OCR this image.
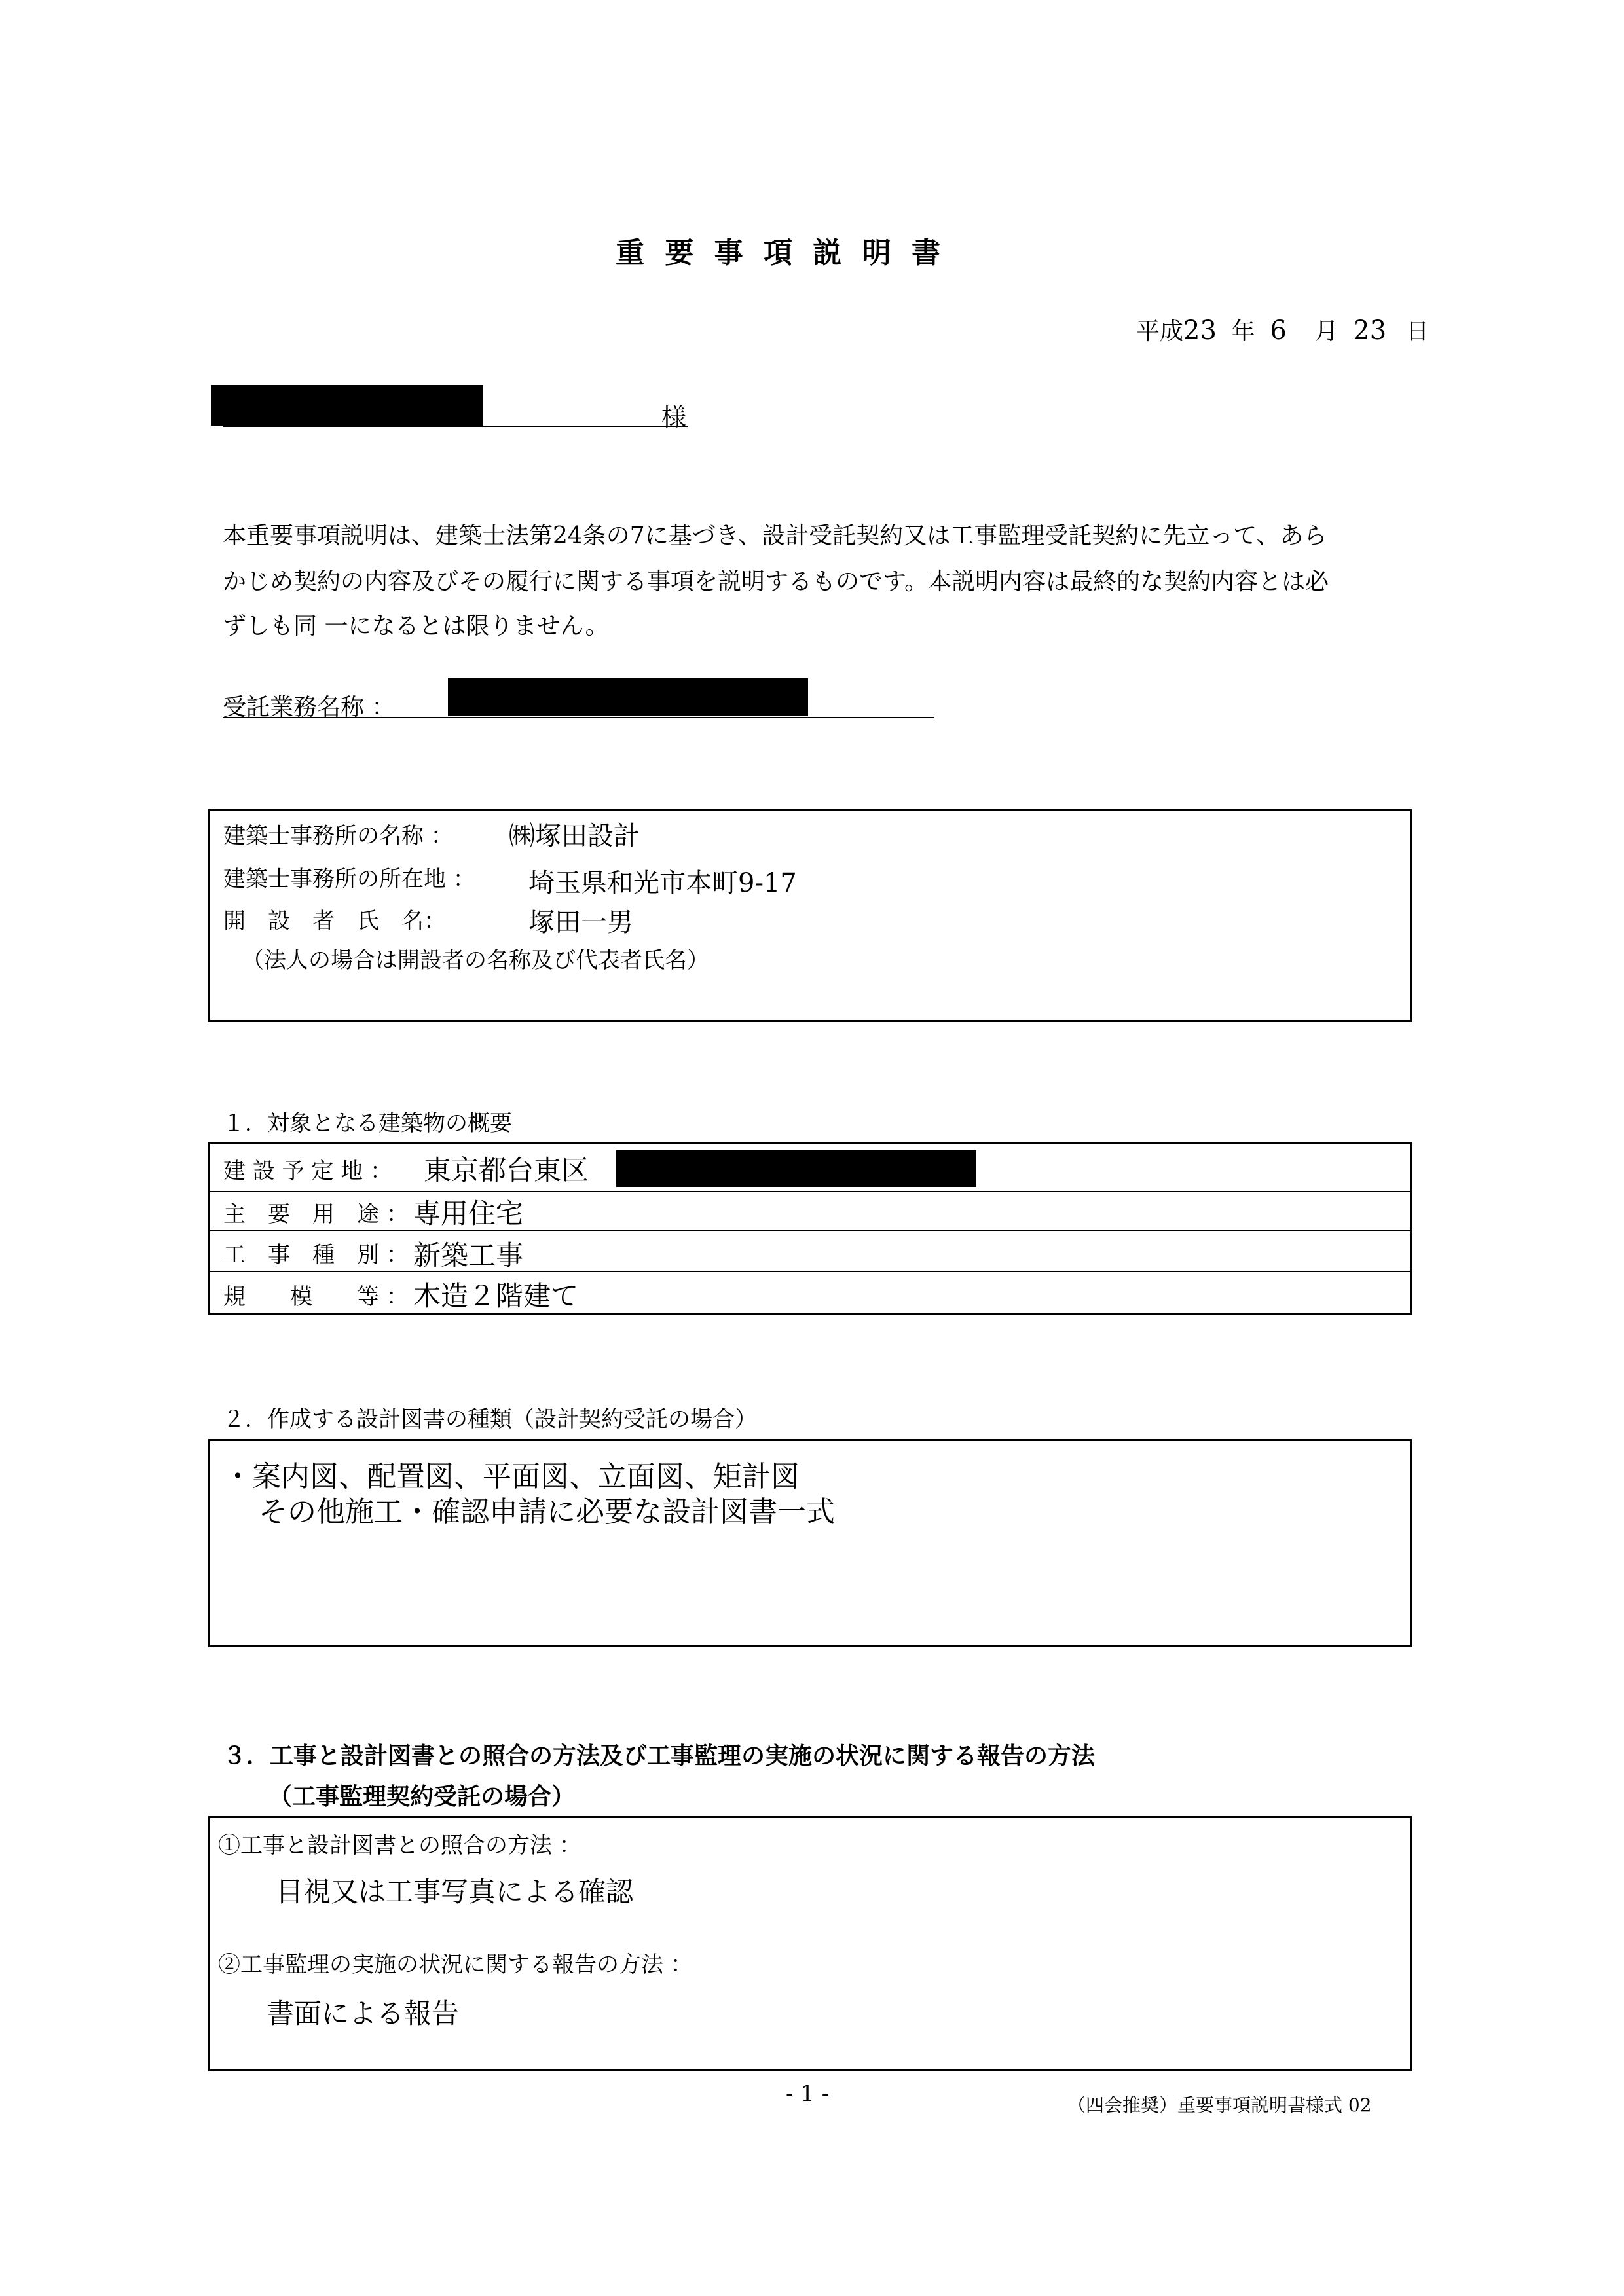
重 要 事 項 説 明 書
平成23 年 6 月 23 日
様
本重要事項説明は、建築士法第24条の7に基づき、設計受託契約又は工事監理受託契約に先立って、あら
かじめ契約の内容及びその履行に関する事項を説明するものです。本説明内容は最終的な契約内容とは必
ずしも同 一になるとは限りません。
受託業務名称 ：
建築士事務所の名称 ： ㈱塚田設計
建築士事務所の所在地 ： 埼玉県和光市本町9-17
開　設　者　氏　名：	塚田一男
（法人の場合は開設者の名称及び代表者氏名）
１．対象となる建築物の概要
建 設 予 定 地 ： 東京都台東区
主　要　用　途 ： 専用住宅
工　事　種　別 ： 新築工事
規　　模　　等 ： 木造２階建て
２．作成する設計図書の種類（設計契約受託の場合）
・案内図、配置図、平面図、立面図、矩計図
その他施工・確認申請に必要な設計図書一式
３．工事と設計図書との照合の方法及び工事監理の実施の状況に関する報告の方法
（工事監理契約受託の場合）
①工事と設計図書との照合の方法 ：
目視又は工事写真による確認
②工事監理の実施の状況に関する報告の方法 ：
書面による報告
- 1 -	（四会推奨）重要事項説明書様式 02
